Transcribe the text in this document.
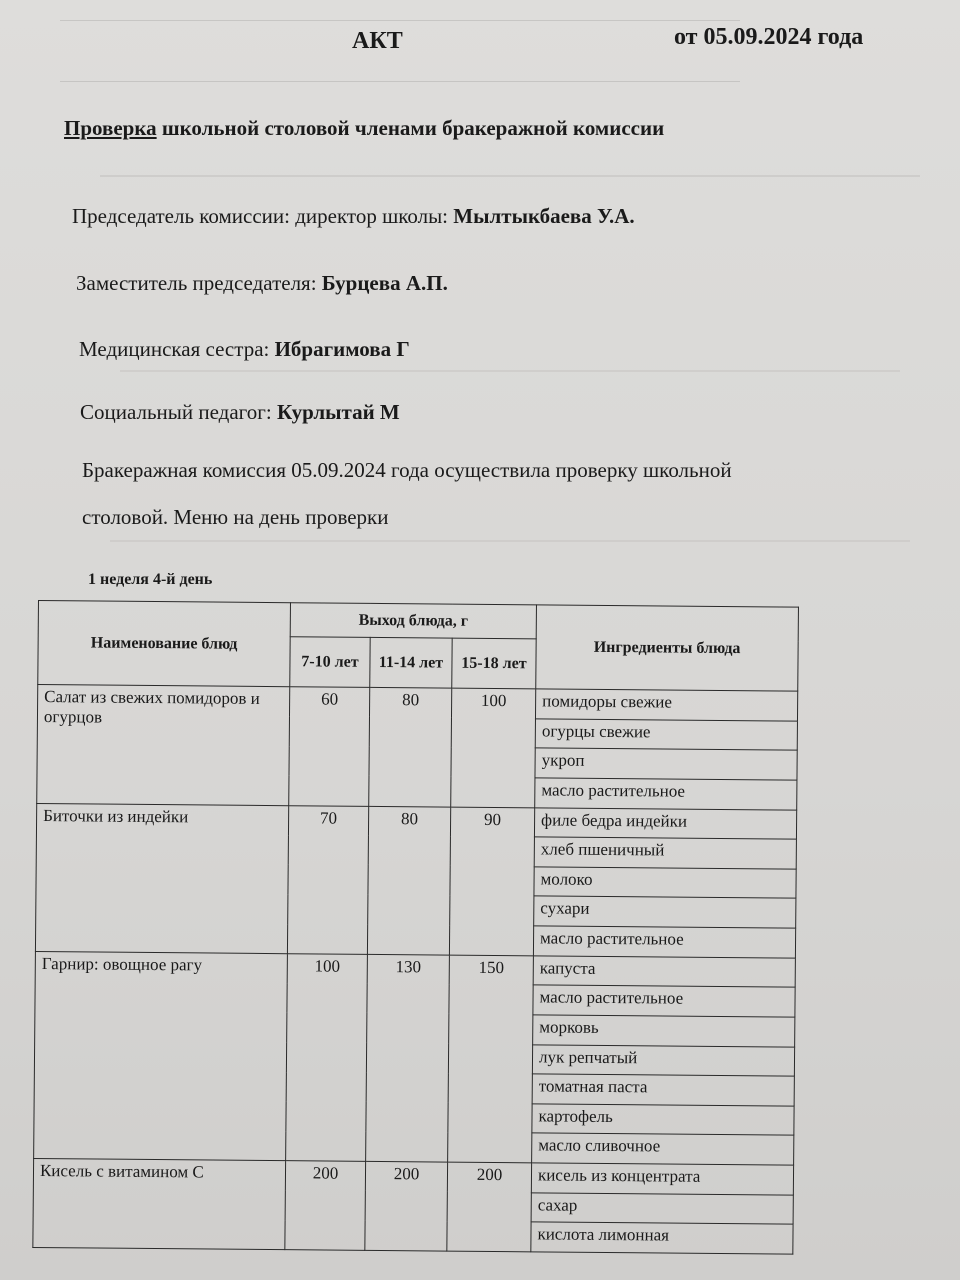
АКТ	от 05.09.2024 года
Проверка школьной столовой членами бракеражной комиссии
Председатель комиссии: директор школы: Мылтыкбаева У.А.
Заместитель председателя: Бурцева А.П.
Медицинская сестра: Ибрагимова Г
Социальный педагог: Курлытай М
Бракеражная комиссия 05.09.2024 года осуществила проверку школьной
столовой. Меню на день проверки
1 неделя 4-й день
Наименование блюд	Выход блюда, г			Ингредиенты блюда
	7-10 лет	11-14 лет	15-18 лет	
Салат из свежих помидоров и огурцов	60	80	100	помидоры свежие
				огурцы свежие
				укроп
				масло растительное
Биточки из индейки	70	80	90	филе бедра индейки
				хлеб пшеничный
				молоко
				сухари
				масло растительное
Гарнир: овощное рагу	100	130	150	капуста
				масло растительное
				морковь
				лук репчатый
				томатная паста
				картофель
				масло сливочное
Кисель с витамином С	200	200	200	кисель из концентрата
				сахар
				кислота лимонная
